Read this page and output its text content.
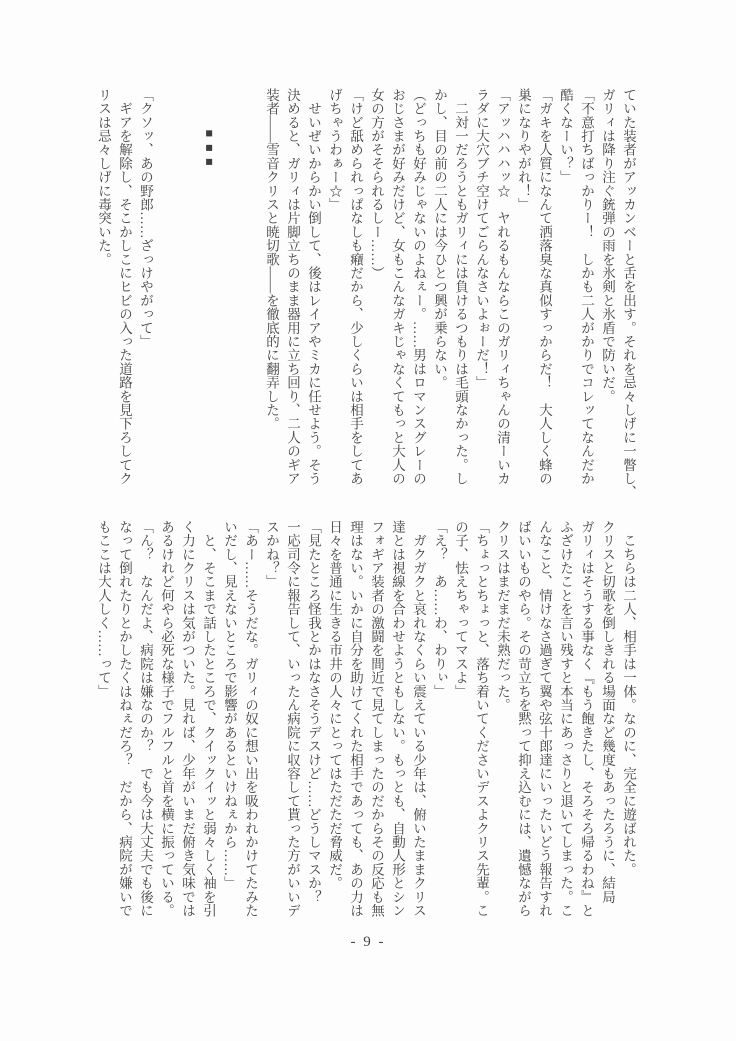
ていた装者がアッカンベーと舌を出す。それを忌々しげに一瞥し、
ガリィは降り注ぐ銃弾の雨を氷剣と氷盾で防いだ。
「不意打ちばっかりー！　しかも二人がかりでコレッてなんだか
酷くなーい？」
「ガキを人質になんて洒落臭な真似すっからだ！　大人しく蜂の
巣になりやがれ！」
「アッハハハッ☆　ヤれるもんならこのガリィちゃんの清ーいカ
ラダに大穴ブチ空けてごらんなさいよぉーだ！」
　二対一だろうともガリィには負けるつもりは毛頭なかった。し
かし、目の前の二人には今ひとつ興が乗らない。
（どっちも好みじゃないのよねぇー。……男はロマンスグレーの
おじさまが好みだけど、女もこんなガキじゃなくてもっと大人の
女の方がそそられるしー……）
「けど舐められっぱなしも癪だから、少しくらいは相手をしてあ
げちゃうわぁー☆」
　せいぜいからかい倒して、後はレイアやミカに任せよう。そう
決めると、ガリィは片脚立ちのまま器用に立ち回り、二人のギア
装者――雪音クリスと暁切歌――を徹底的に翻弄した。
　　　■■■
「クソッ、あの野郎……ざっけやがって」
　ギアを解除し、そこかしこにヒビの入った道路を見下ろしてク
リスは忌々しげに毒突いた。
　こちらは二人、相手は一体。なのに、完全に遊ばれた。
クリスと切歌を倒しきれる場面など幾度もあったろうに、結局
ガリィはそうする事なく『もう飽きたし、そろそろ帰るわね』と
ふざけたことを言い残すと本当にあっさりと退いてしまった。こ
んなこと、情けなさ過ぎて翼や弦十郎達にいったいどう報告すれ
ばいいものやら。その苛立ちを黙って抑え込むには、遺憾ながら
クリスはまだまだ未熟だった。
「ちょっとちょっと、落ち着いてくださいデスよクリス先輩。こ
の子、怯えちゃってマスよ」
「え？　あ……わ、わりぃ」
　ガクガクと哀れなくらい震えている少年は、俯いたままクリス
達とは視線を合わせようともしない。もっとも、自動人形とシン
フォギア装者の激闘を間近で見てしまったのだからその反応も無
理はない。いかに自分を助けてくれた相手であっても、あの力は
日々を普通に生きる市井の人々にとってはただただ脅威だ。
「見たところ怪我とかはなさそうデスけど……どうしマスか？
一応司令に報告して、いったん病院に収容して貰った方がいいデ
スかね？」
「あー……そうだな。ガリィの奴に想い出を吸われかけてたみた
いだし、見えないところで影響があるといけねぇから……」
　と、そこまで話したところで、クイックイッと弱々しく袖を引
く力にクリスは気がついた。見れば、少年がいまだ俯き気味では
あるけれど何やら必死な様子でフルフルと首を横に振っている。
「ん？　なんだよ、病院は嫌なのか？　でも今は大丈夫でも後に
なって倒れたりとかしたくはねぇだろ？　だから、病院が嫌いで
もここは大人しく……って」
- 9 -
